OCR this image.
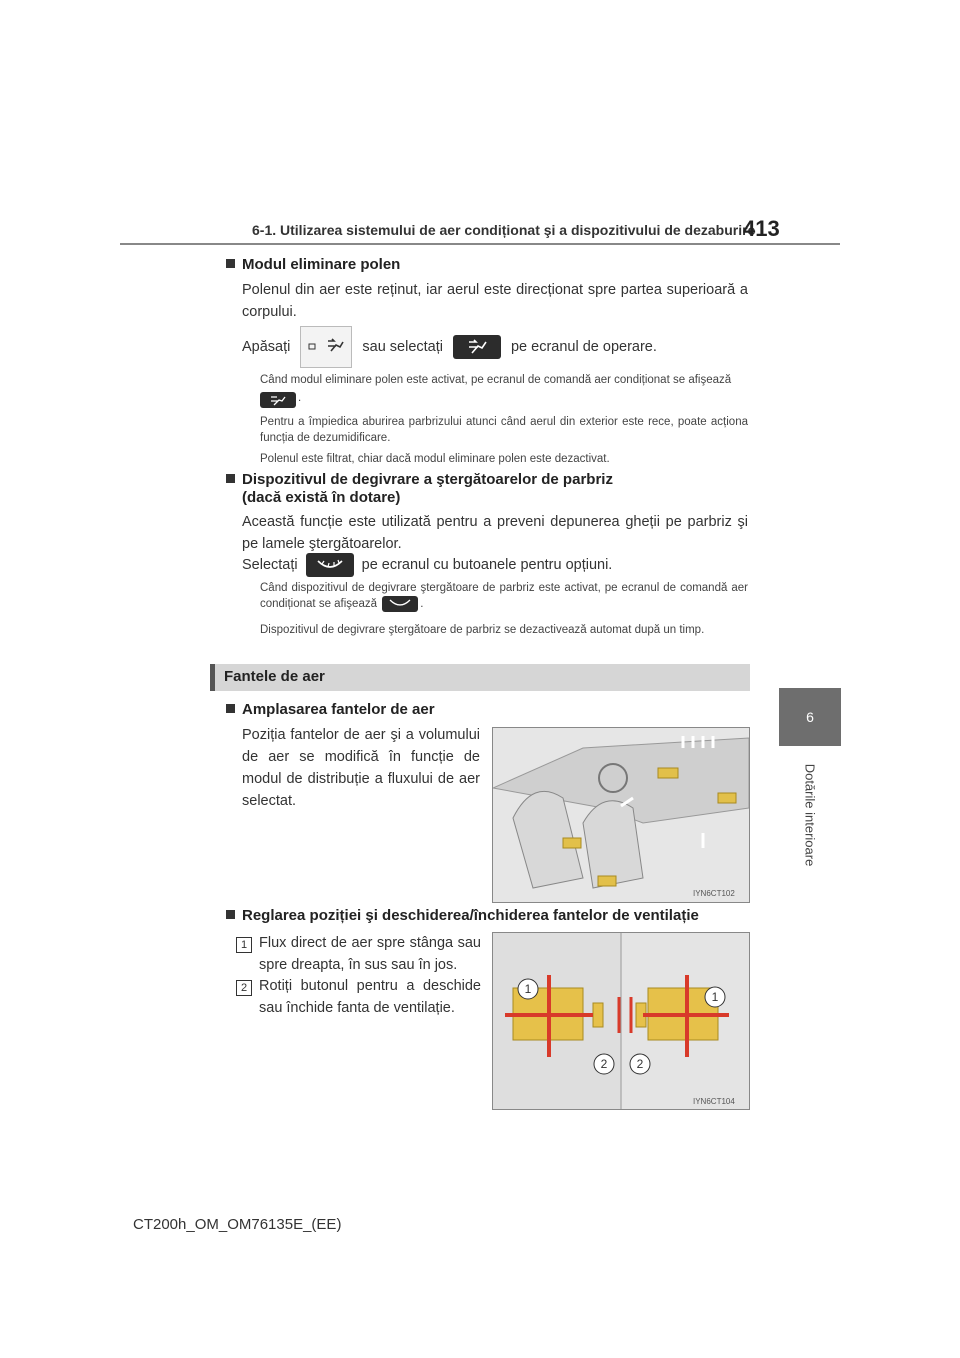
6-1. Utilizarea sistemului de aer condiționat şi a dispozitivului de dezaburire
413
6
Dotările interioare
Modul eliminare polen
Polenul din aer este reținut, iar aerul este direcționat spre partea superioară a corpului.
Apăsați	sau selectați	pe ecranul de operare.
Când modul eliminare polen este activat, pe ecranul de comandă aer condiționat se afişează
.
Pentru a împiedica aburirea parbrizului atunci când aerul din exterior este rece, poate acționa funcția de dezumidificare.
Polenul este filtrat, chiar dacă modul eliminare polen este dezactivat.
Dispozitivul de degivrare a ştergătoarelor de parbriz
(dacă există în dotare)
Această funcție este utilizată pentru a preveni depunerea gheții pe parbriz şi pe lamele ştergătoarelor.
Selectați	pe ecranul cu butoanele pentru opțiuni.
Când dispozitivul de degivrare ştergătoare de parbriz este activat, pe ecranul de comandă aer condiționat se afişează	.
Dispozitivul de degivrare ştergătoare de parbriz se dezactivează automat după un timp.
Fantele de aer
Amplasarea fantelor de aer
Poziția fantelor de aer şi a volumului de aer se modifică în funcție de modul de distribuție a fluxului de aer selectat.
IYN6CT102
Reglarea poziției şi deschiderea/închiderea fantelor de ventilație
1 Flux direct de aer spre stânga sau spre dreapta, în sus sau în jos.
2 Rotiți butonul pentru a deschide sau închide fanta de ventilație.
1
1
2 2
IYN6CT104
CT200h_OM_OM76135E_(EE)
